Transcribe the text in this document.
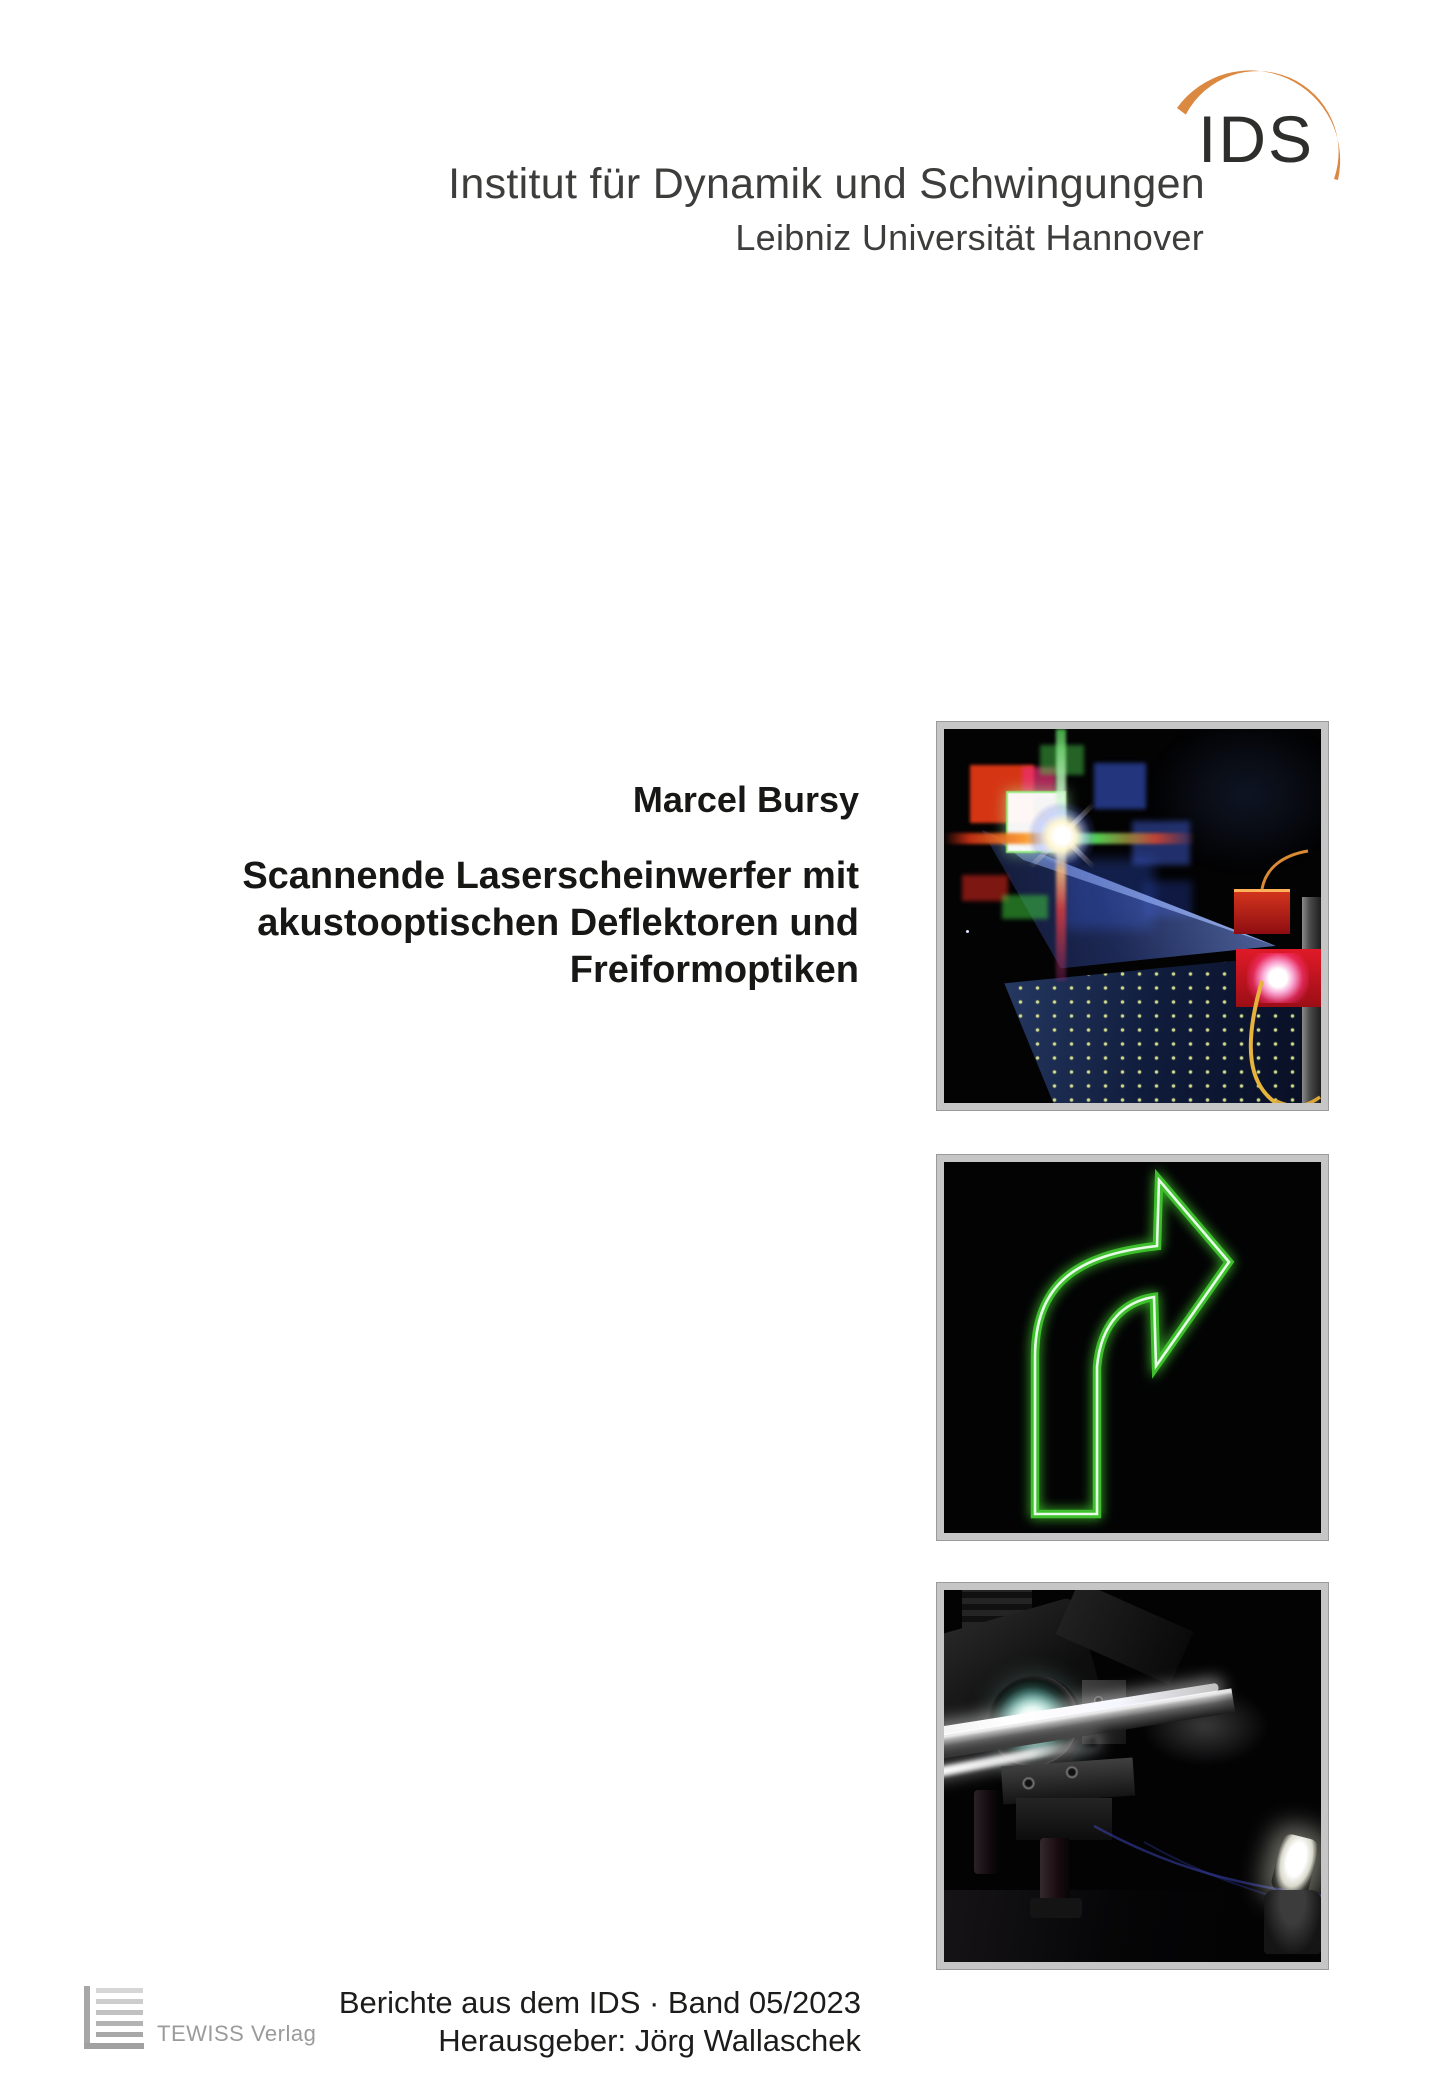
IDS
Institut für Dynamik und Schwingungen
Leibniz Universität Hannover
Marcel Bursy
Scannende Laserscheinwerfer mit
akustooptischen Deflektoren und
Freiformoptiken
TEWISS Verlag
Berichte aus dem IDS · Band 05/2023
Herausgeber: Jörg Wallaschek
